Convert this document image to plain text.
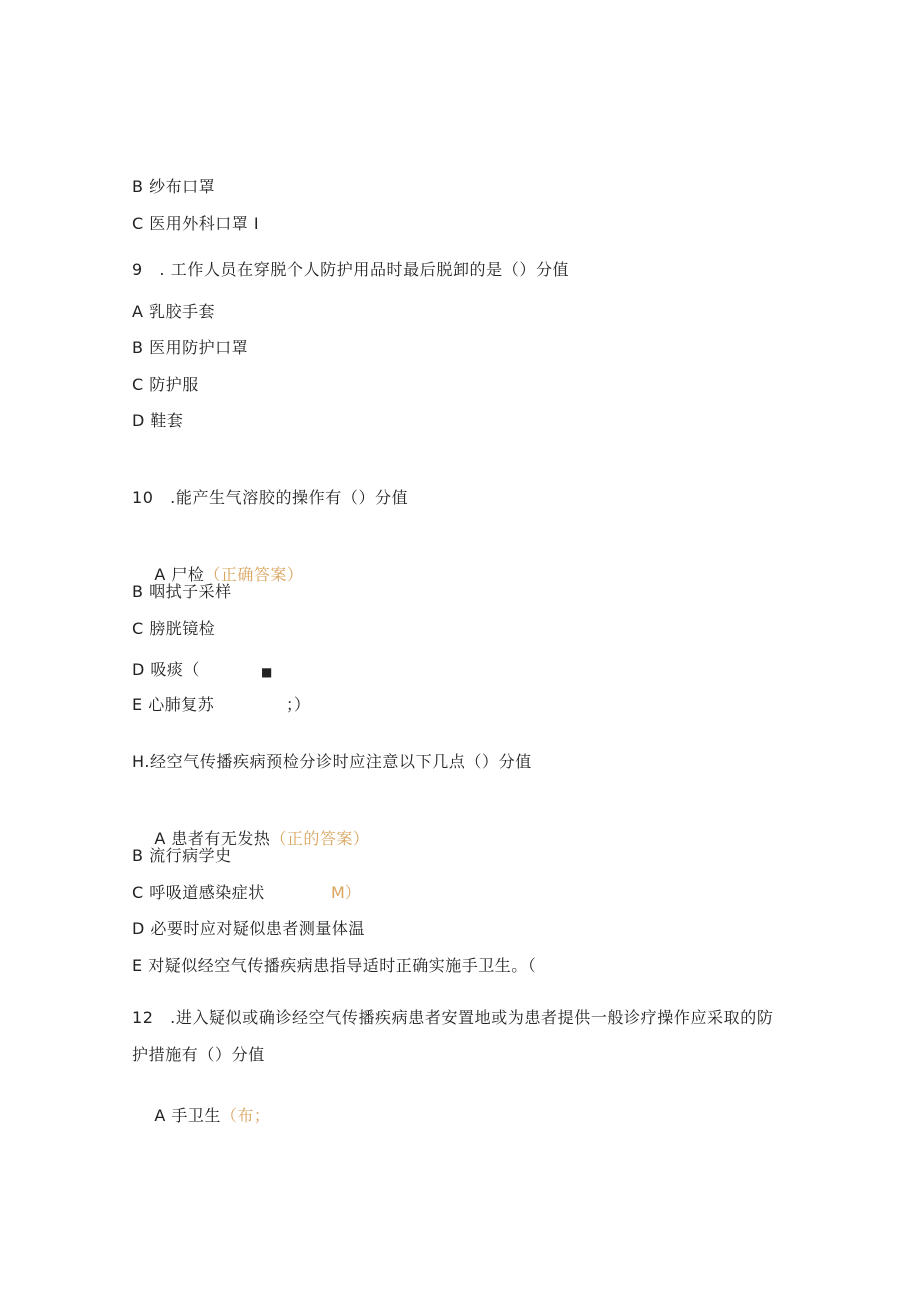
B 纱布口罩
C 医用外科口罩 I
9　. 工作人员在穿脱个人防护用品时最后脱卸的是（）分值
A 乳胶手套
B 医用防护口罩
C 防护服
D 鞋套
10　.能产生气溶胶的操作有（）分值

A 尸检（正确答案）

B 咽拭子采样
C 膀胱镜检
D 吸痰（	■
E 心肺复苏	；）
H.经空气传播疾病预检分诊时应注意以下几点（）分值

A 患者有无发热（正的答案）

B 流行病学史
C 呼吸道感染症状	M）
D 必要时应对疑似患者测量体温
E 对疑似经空气传播疾病患指导适时正确实施手卫生。（
12　.进入疑似或确诊经空气传播疾病患者安置地或为患者提供一般诊疗操作应采取的防
护措施有（）分值

A 手卫生（布；
